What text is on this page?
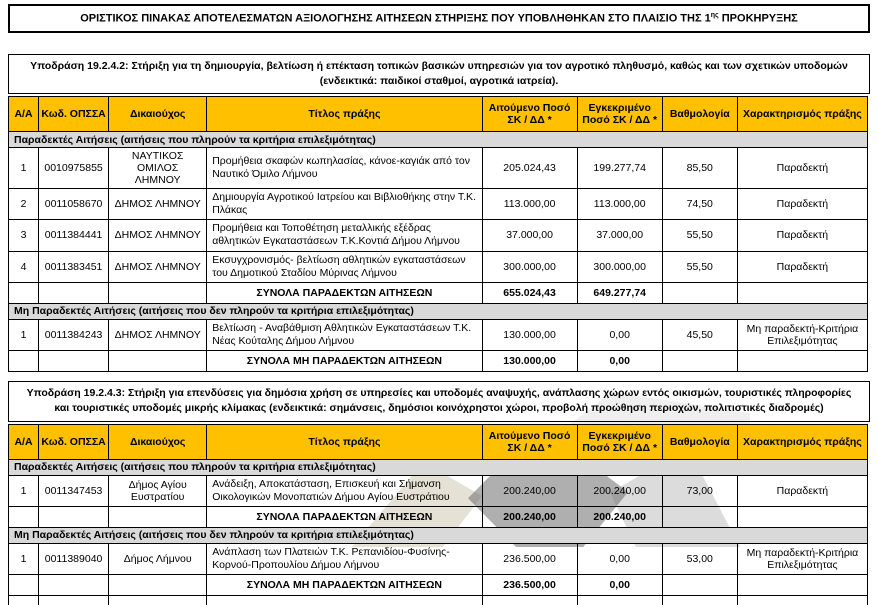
ΟΡΙΣΤΙΚΟΣ ΠΙΝΑΚΑΣ ΑΠΟΤΕΛΕΣΜΑΤΩΝ ΑΞΙΟΛΟΓΗΣΗΣ ΑΙΤΗΣΕΩΝ ΣΤΗΡΙΞΗΣ ΠΟΥ ΥΠΟΒΛΗΘΗΚΑΝ ΣΤΟ ΠΛΑΙΣΙΟ ΤΗΣ $1^{\eta\varsigma}$ ΠΡΟΚΗΡΥΞΗΣ
Υποδράση 19.2.4.2: Στήριξη για τη δημιουργία, βελτίωση ή επέκταση τοπικών βασικών υπηρεσιών για τον αγροτικό πληθυσμό, καθώς και των σχετικών υποδομών (ενδεικτικά: παιδικοί σταθμοί, αγροτικά ιατρεία).
Α/Α	Κωδ. ΟΠΣΣΑ	Δικαιούχος	Τίτλος πράξης	Αιτούμενο Ποσό ΣΚ / ΔΔ *	Εγκεκριμένο Ποσό ΣΚ / ΔΔ *	Βαθμολογία	Χαρακτηρισμός πράξης
Παραδεκτές Αιτήσεις (αιτήσεις που πληρούν τα κριτήρια επιλεξιμότητας)							
1	0010975855	ΝΑΥΤΙΚΟΣ ΟΜΙΛΟΣ ΛΗΜΝΟΥ	Προμήθεια σκαφών κωπηλασίας, κάνοε-καγιάκ από τον Ναυτικό Όμιλο Λήμνου	205.024,43	199.277,74	85,50	Παραδεκτή
2	0011058670	ΔΗΜΟΣ ΛΗΜΝΟΥ	Δημιουργία Αγροτικού Ιατρείου και Βιβλιοθήκης στην Τ.Κ. Πλάκας	113.000,00	113.000,00	74,50	Παραδεκτή
3	0011384441	ΔΗΜΟΣ ΛΗΜΝΟΥ	Προμήθεια και Τοποθέτηση μεταλλικής εξέδρας αθλητικών Εγκαταστάσεων Τ.Κ.Κοντιά Δήμου Λήμνου	37.000,00	37.000,00	55,50	Παραδεκτή
4	0011383451	ΔΗΜΟΣ ΛΗΜΝΟΥ	Εκσυγχρονισμός- βελτίωση αθλητικών εγκαταστάσεων του Δημοτικού Σταδίου Μύρινας Λήμνου	300.000,00	300.000,00	55,50	Παραδεκτή
			ΣΥΝΟΛΑ ΠΑΡΑΔΕΚΤΩΝ ΑΙΤΗΣΕΩΝ	655.024,43	649.277,74		
Μη Παραδεκτές Αιτήσεις (αιτήσεις που δεν πληρούν τα κριτήρια επιλεξιμότητας)							
1	0011384243	ΔΗΜΟΣ ΛΗΜΝΟΥ	Βελτίωση - Αναβάθμιση Αθλητικών Εγκαταστάσεων Τ.Κ. Νέας Κούταλης Δήμου Λήμνου	130.000,00	0,00	45,50	Μη παραδεκτή-Κριτήρια Επιλεξιμότητας
			ΣΥΝΟΛΑ ΜΗ ΠΑΡΑΔΕΚΤΩΝ ΑΙΤΗΣΕΩΝ	130.000,00	0,00		
Υποδράση 19.2.4.3: Στήριξη για επενδύσεις για δημόσια χρήση σε υπηρεσίες και υποδομές αναψυχής, ανάπλασης χώρων εντός οικισμών, τουριστικές πληροφορίες και τουριστικές υποδομές μικρής κλίμακας (ενδεικτικά: σημάνσεις, δημόσιοι κοινόχρηστοι χώροι, προβολή προώθηση περιοχών, πολιτιστικές διαδρομές)
Α/Α	Κωδ. ΟΠΣΣΑ	Δικαιούχος	Τίτλος πράξης	Αιτούμενο Ποσό ΣΚ / ΔΔ *	Εγκεκριμένο Ποσό ΣΚ / ΔΔ *	Βαθμολογία	Χαρακτηρισμός πράξης
Παραδεκτές Αιτήσεις (αιτήσεις που πληρούν τα κριτήρια επιλεξιμότητας)							
1	0011347453	Δήμος Αγίου Ευστρατίου	Ανάδειξη, Αποκατάσταση, Επισκευή και Σήμανση Οικολογικών Μονοπατιών Δήμου Αγίου Ευστράτιου	200.240,00	200.240,00	73,00	Παραδεκτή
			ΣΥΝΟΛΑ ΠΑΡΑΔΕΚΤΩΝ ΑΙΤΗΣΕΩΝ	200.240,00	200.240,00		
Μη Παραδεκτές Αιτήσεις (αιτήσεις που δεν πληρούν τα κριτήρια επιλεξιμότητας)							
1	0011389040	Δήμος Λήμνου	Ανάπλαση των Πλατειών Τ.Κ. Ρεπανιδίου-Φυσίνης-Κορνού-Προπουλίου Δήμου Λήμνου	236.500,00	0,00	53,00	Μη παραδεκτή-Κριτήρια Επιλεξιμότητας
			ΣΥΝΟΛΑ ΜΗ ΠΑΡΑΔΕΚΤΩΝ ΑΙΤΗΣΕΩΝ	236.500,00	0,00		
